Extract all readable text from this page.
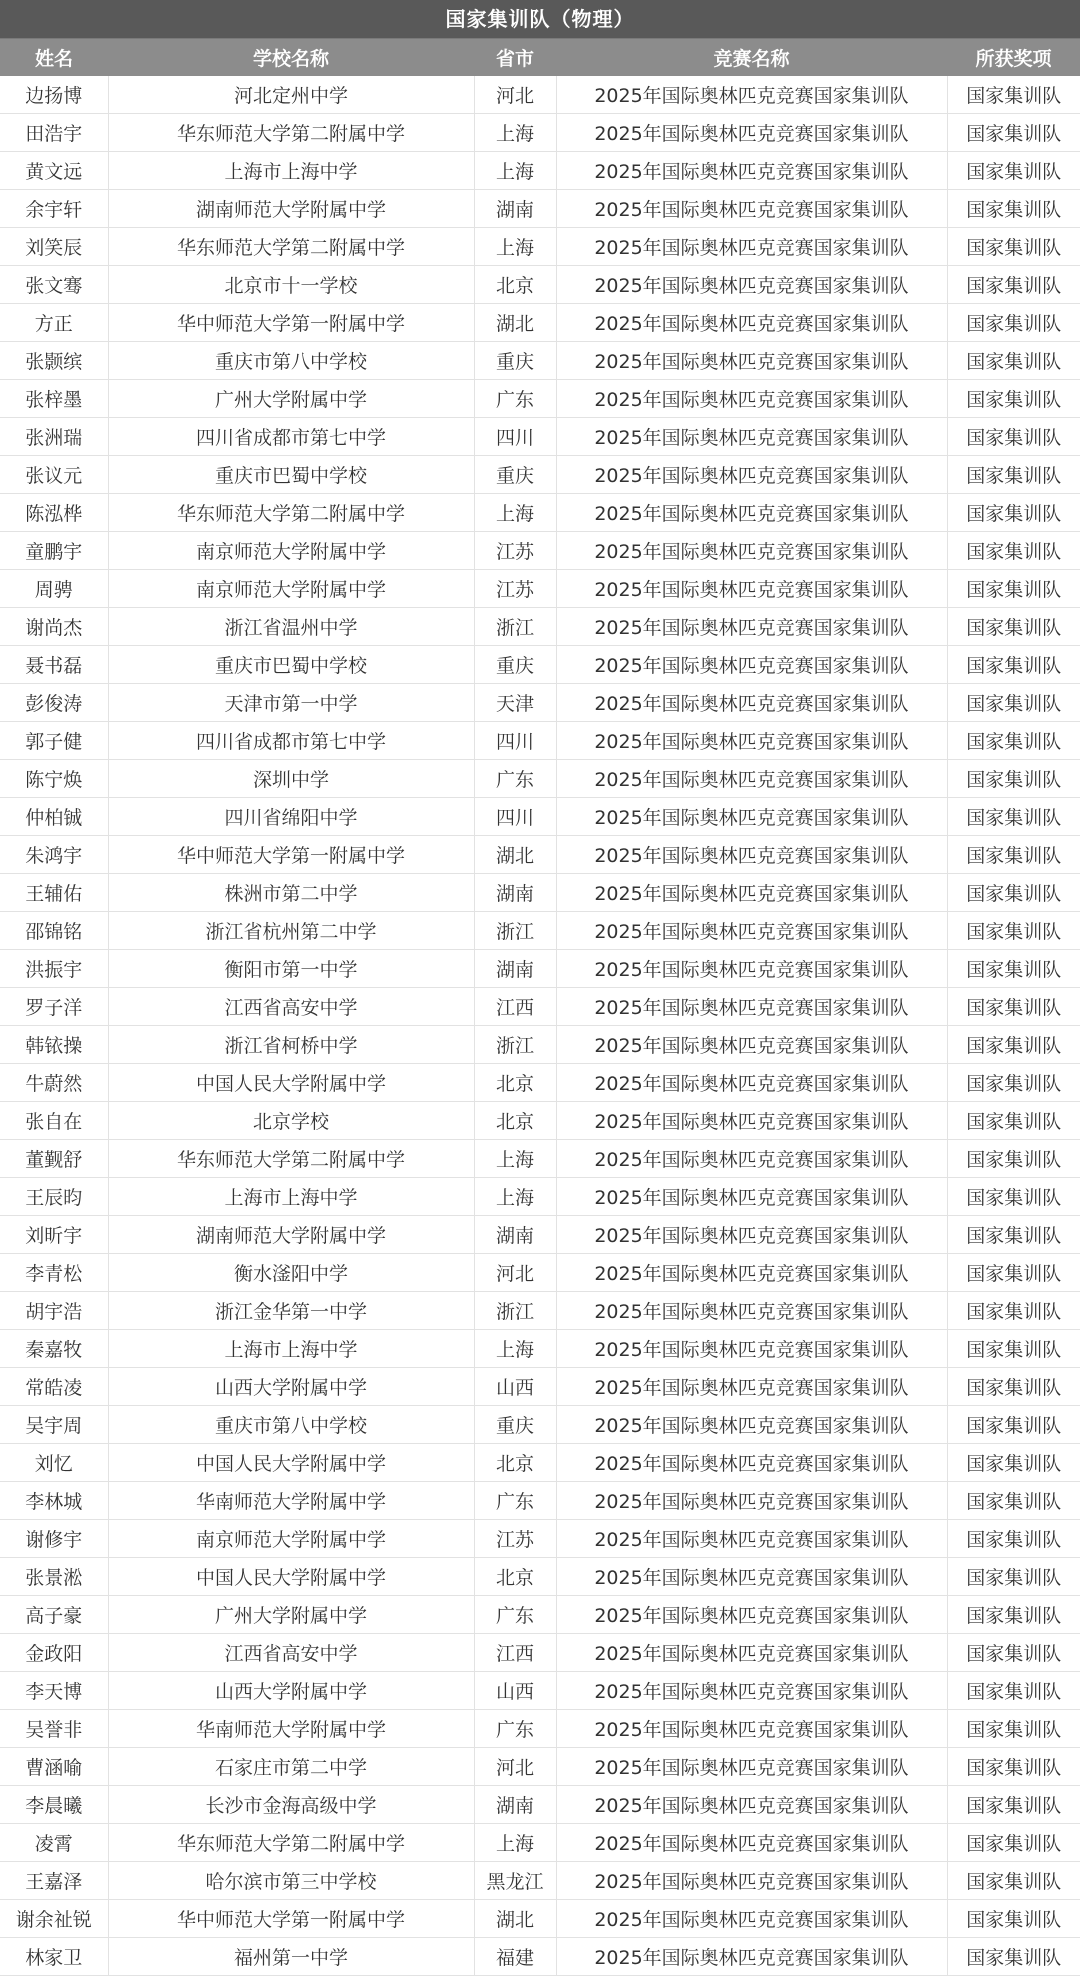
国家集训队（物理）
姓名	学校名称	省市	竞赛名称	所获奖项
边扬博	河北定州中学	河北	2025年国际奥林匹克竞赛国家集训队	国家集训队
田浩宇	华东师范大学第二附属中学	上海	2025年国际奥林匹克竞赛国家集训队	国家集训队
黄文远	上海市上海中学	上海	2025年国际奥林匹克竞赛国家集训队	国家集训队
余宇轩	湖南师范大学附属中学	湖南	2025年国际奥林匹克竞赛国家集训队	国家集训队
刘笑辰	华东师范大学第二附属中学	上海	2025年国际奥林匹克竞赛国家集训队	国家集训队
张文骞	北京市十一学校	北京	2025年国际奥林匹克竞赛国家集训队	国家集训队
方正	华中师范大学第一附属中学	湖北	2025年国际奥林匹克竞赛国家集训队	国家集训队
张颢缤	重庆市第八中学校	重庆	2025年国际奥林匹克竞赛国家集训队	国家集训队
张梓墨	广州大学附属中学	广东	2025年国际奥林匹克竞赛国家集训队	国家集训队
张洲瑞	四川省成都市第七中学	四川	2025年国际奥林匹克竞赛国家集训队	国家集训队
张议元	重庆市巴蜀中学校	重庆	2025年国际奥林匹克竞赛国家集训队	国家集训队
陈泓桦	华东师范大学第二附属中学	上海	2025年国际奥林匹克竞赛国家集训队	国家集训队
童鹏宇	南京师范大学附属中学	江苏	2025年国际奥林匹克竞赛国家集训队	国家集训队
周骋	南京师范大学附属中学	江苏	2025年国际奥林匹克竞赛国家集训队	国家集训队
谢尚杰	浙江省温州中学	浙江	2025年国际奥林匹克竞赛国家集训队	国家集训队
聂书磊	重庆市巴蜀中学校	重庆	2025年国际奥林匹克竞赛国家集训队	国家集训队
彭俊涛	天津市第一中学	天津	2025年国际奥林匹克竞赛国家集训队	国家集训队
郭子健	四川省成都市第七中学	四川	2025年国际奥林匹克竞赛国家集训队	国家集训队
陈宁焕	深圳中学	广东	2025年国际奥林匹克竞赛国家集训队	国家集训队
仲柏铖	四川省绵阳中学	四川	2025年国际奥林匹克竞赛国家集训队	国家集训队
朱鸿宇	华中师范大学第一附属中学	湖北	2025年国际奥林匹克竞赛国家集训队	国家集训队
王辅佑	株洲市第二中学	湖南	2025年国际奥林匹克竞赛国家集训队	国家集训队
邵锦铭	浙江省杭州第二中学	浙江	2025年国际奥林匹克竞赛国家集训队	国家集训队
洪振宇	衡阳市第一中学	湖南	2025年国际奥林匹克竞赛国家集训队	国家集训队
罗子洋	江西省高安中学	江西	2025年国际奥林匹克竞赛国家集训队	国家集训队
韩铱操	浙江省柯桥中学	浙江	2025年国际奥林匹克竞赛国家集训队	国家集训队
牛蔚然	中国人民大学附属中学	北京	2025年国际奥林匹克竞赛国家集训队	国家集训队
张自在	北京学校	北京	2025年国际奥林匹克竞赛国家集训队	国家集训队
董觐舒	华东师范大学第二附属中学	上海	2025年国际奥林匹克竞赛国家集训队	国家集训队
王辰昀	上海市上海中学	上海	2025年国际奥林匹克竞赛国家集训队	国家集训队
刘昕宇	湖南师范大学附属中学	湖南	2025年国际奥林匹克竞赛国家集训队	国家集训队
李青松	衡水滏阳中学	河北	2025年国际奥林匹克竞赛国家集训队	国家集训队
胡宇浩	浙江金华第一中学	浙江	2025年国际奥林匹克竞赛国家集训队	国家集训队
秦嘉牧	上海市上海中学	上海	2025年国际奥林匹克竞赛国家集训队	国家集训队
常皓凌	山西大学附属中学	山西	2025年国际奥林匹克竞赛国家集训队	国家集训队
吴宇周	重庆市第八中学校	重庆	2025年国际奥林匹克竞赛国家集训队	国家集训队
刘忆	中国人民大学附属中学	北京	2025年国际奥林匹克竞赛国家集训队	国家集训队
李林城	华南师范大学附属中学	广东	2025年国际奥林匹克竞赛国家集训队	国家集训队
谢修宇	南京师范大学附属中学	江苏	2025年国际奥林匹克竞赛国家集训队	国家集训队
张景淞	中国人民大学附属中学	北京	2025年国际奥林匹克竞赛国家集训队	国家集训队
高子豪	广州大学附属中学	广东	2025年国际奥林匹克竞赛国家集训队	国家集训队
金政阳	江西省高安中学	江西	2025年国际奥林匹克竞赛国家集训队	国家集训队
李天博	山西大学附属中学	山西	2025年国际奥林匹克竞赛国家集训队	国家集训队
吴誉非	华南师范大学附属中学	广东	2025年国际奥林匹克竞赛国家集训队	国家集训队
曹涵喻	石家庄市第二中学	河北	2025年国际奥林匹克竞赛国家集训队	国家集训队
李晨曦	长沙市金海高级中学	湖南	2025年国际奥林匹克竞赛国家集训队	国家集训队
凌霄	华东师范大学第二附属中学	上海	2025年国际奥林匹克竞赛国家集训队	国家集训队
王嘉泽	哈尔滨市第三中学校	黑龙江	2025年国际奥林匹克竞赛国家集训队	国家集训队
谢余祉锐	华中师范大学第一附属中学	湖北	2025年国际奥林匹克竞赛国家集训队	国家集训队
林家卫	福州第一中学	福建	2025年国际奥林匹克竞赛国家集训队	国家集训队
